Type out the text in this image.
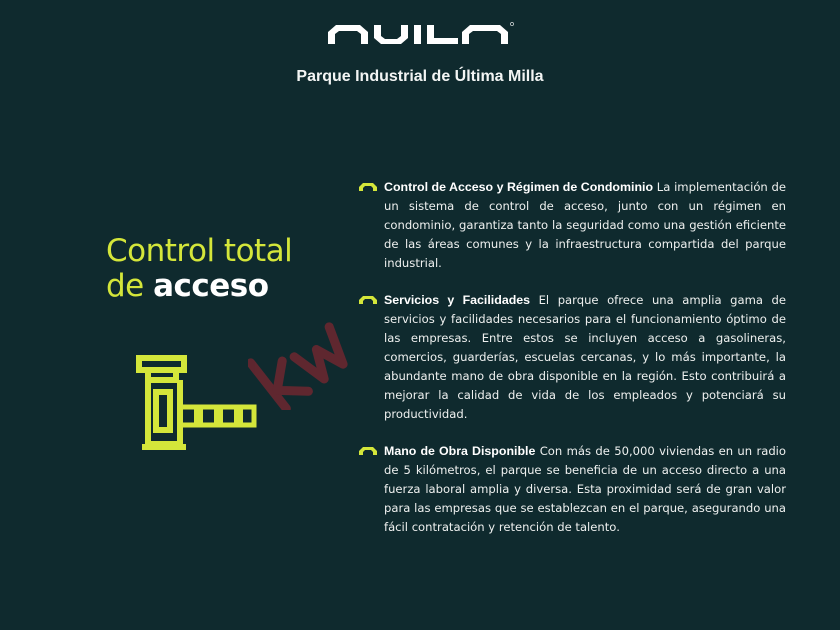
Parque Industrial de Última Milla
Control total
de acceso

Control de Acceso y Régimen de Condominio La implementación de un sistema de control de acceso, junto con un régimen en condominio, garantiza tanto la seguridad como una gestión eficiente de las áreas comunes y la infraestructura compartida del parque industrial.

Servicios y Facilidades El parque ofrece una amplia gama de servicios y facilidades necesarios para el funcionamiento óptimo de las empresas. Entre estos se incluyen acceso a gasolineras, comercios, guarderías, escuelas cercanas, y lo más importante, la abundante mano de obra disponible en la región. Esto contribuirá a mejorar la calidad de vida de los empleados y potenciará su productividad.

Mano de Obra Disponible Con más de 50,000 viviendas en un radio de 5 kilómetros, el parque se beneficia de un acceso directo a una fuerza laboral amplia y diversa. Esta proximidad será de gran valor para las empresas que se establezcan en el parque, asegurando una fácil contratación y retención de talento.
